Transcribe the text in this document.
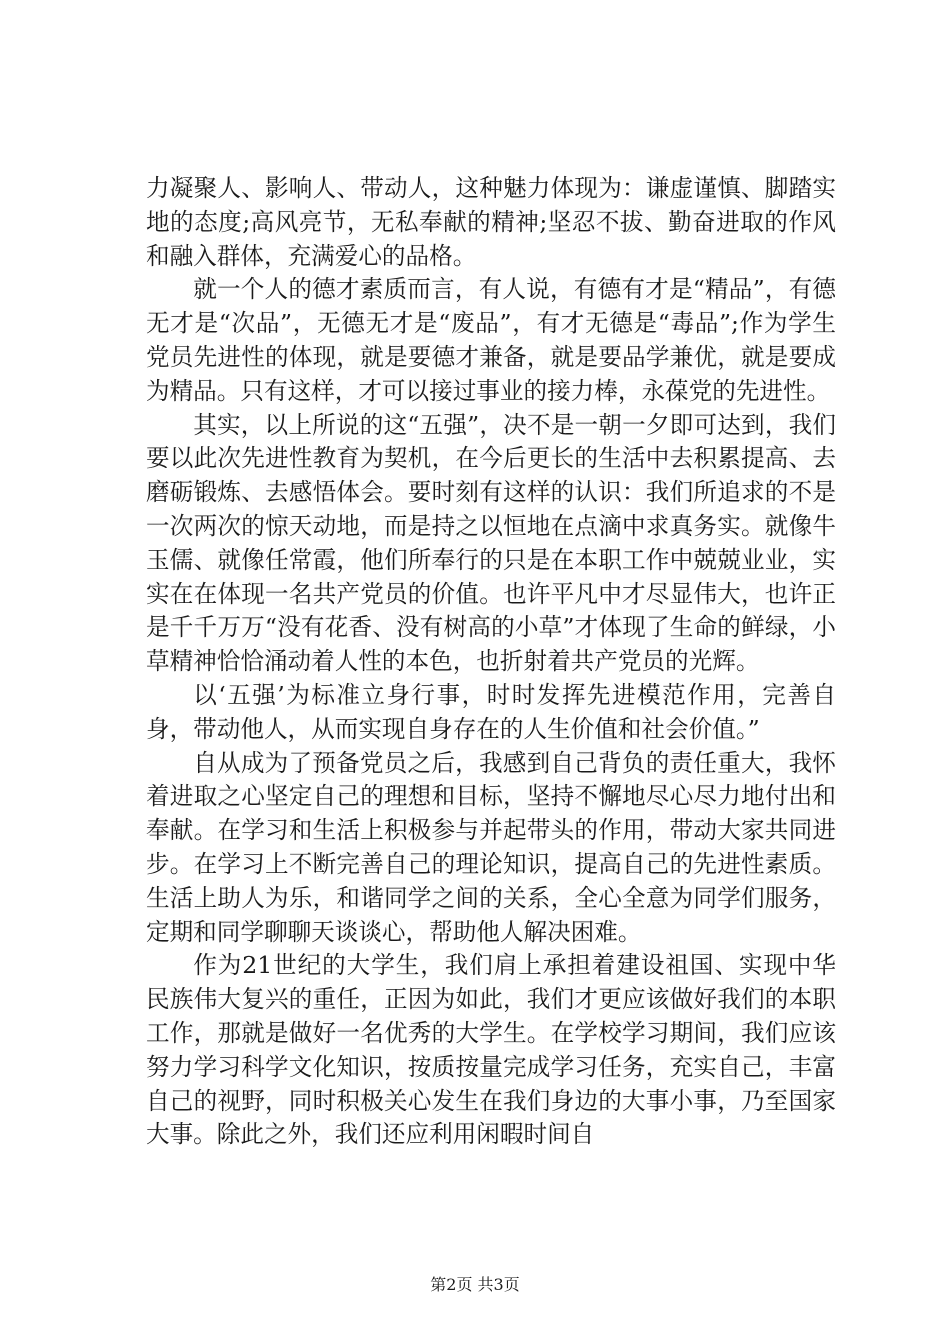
力凝聚人、影响人、带动人，这种魅力体现为：谦虚谨慎、脚踏实地的态度;高风亮节，无私奉献的精神;坚忍不拔、勤奋进取的作风和融入群体，充满爱心的品格。

就一个人的德才素质而言，有人说，有德有才是“精品”，有德无才是“次品”，无德无才是“废品”，有才无德是“毒品”;作为学生党员先进性的体现，就是要德才兼备，就是要品学兼优，就是要成为精品。只有这样，才可以接过事业的接力棒，永葆党的先进性。

其实，以上所说的这“五强”，决不是一朝一夕即可达到，我们要以此次先进性教育为契机，在今后更长的生活中去积累提高、去磨砺锻炼、去感悟体会。要时刻有这样的认识：我们所追求的不是一次两次的惊天动地，而是持之以恒地在点滴中求真务实。就像牛玉儒、就像任常霞，他们所奉行的只是在本职工作中兢兢业业，实实在在体现一名共产党员的价值。也许平凡中才尽显伟大，也许正是千千万万“没有花香、没有树高的小草”才体现了生命的鲜绿，小草精神恰恰涌动着人性的本色，也折射着共产党员的光辉。

以‘五强’为标准立身行事，时时发挥先进模范作用，完善自身，带动他人，从而实现自身存在的人生价值和社会价值。”

自从成为了预备党员之后，我感到自己背负的责任重大，我怀着进取之心坚定自己的理想和目标，坚持不懈地尽心尽力地付出和奉献。在学习和生活上积极参与并起带头的作用，带动大家共同进步。在学习上不断完善自己的理论知识，提高自己的先进性素质。生活上助人为乐，和谐同学之间的关系，全心全意为同学们服务，定期和同学聊聊天谈谈心，帮助他人解决困难。

作为21世纪的大学生，我们肩上承担着建设祖国、实现中华民族伟大复兴的重任，正因为如此，我们才更应该做好我们的本职工作，那就是做好一名优秀的大学生。在学校学习期间，我们应该努力学习科学文化知识，按质按量完成学习任务，充实自己，丰富自己的视野，同时积极关心发生在我们身边的大事小事，乃至国家大事。除此之外，我们还应利用闲暇时间自

第2页 共3页
